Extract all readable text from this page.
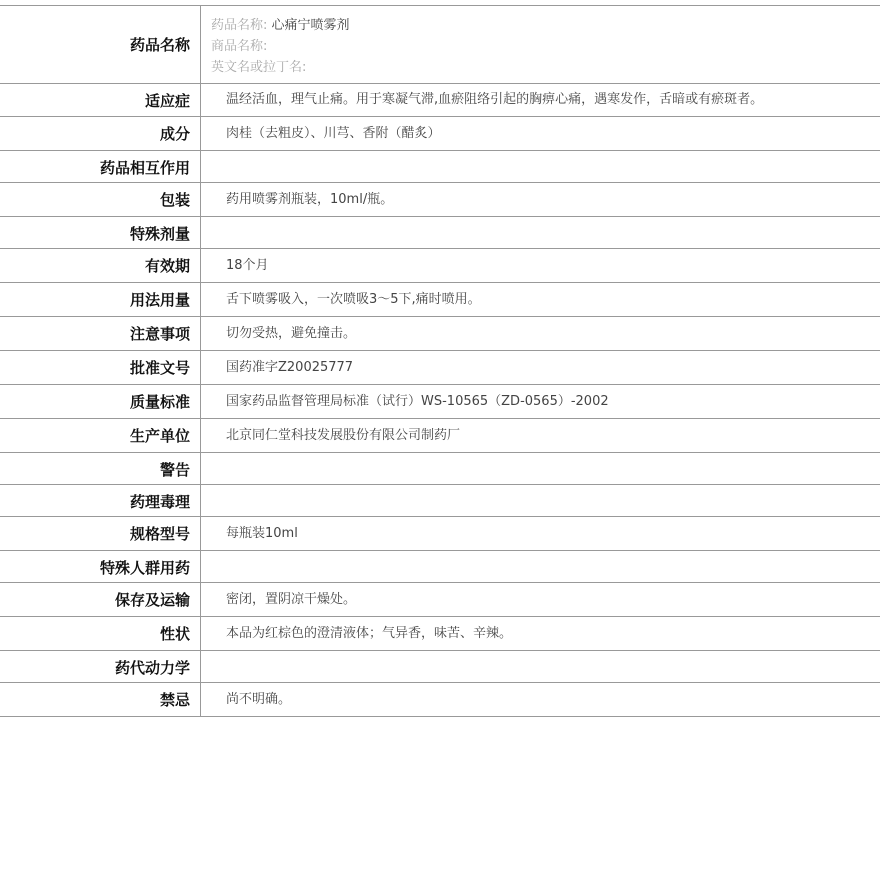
药品名称
药品名称: 心痛宁喷雾剂
商品名称:
英文名或拉丁名:
适应症	温经活血，理气止痛。用于寒凝气滞,血瘀阻络引起的胸痹心痛，遇寒发作，舌暗或有瘀斑者。
成分	肉桂（去粗皮）、川芎、香附（醋炙）
药品相互作用
包装	药用喷雾剂瓶装，10ml/瓶。
特殊剂量
有效期	18个月
用法用量	舌下喷雾吸入，一次喷吸3～5下,痛时喷用。
注意事项	切勿受热，避免撞击。
批准文号	国药准字Z20025777
质量标准	国家药品监督管理局标准（试行）WS-10565（ZD-0565）-2002
生产单位	北京同仁堂科技发展股份有限公司制药厂
警告
药理毒理
规格型号	每瓶装10ml
特殊人群用药
保存及运输	密闭，置阴凉干燥处。
性状	本品为红棕色的澄清液体；气异香，味苦、辛辣。
药代动力学
禁忌	尚不明确。
